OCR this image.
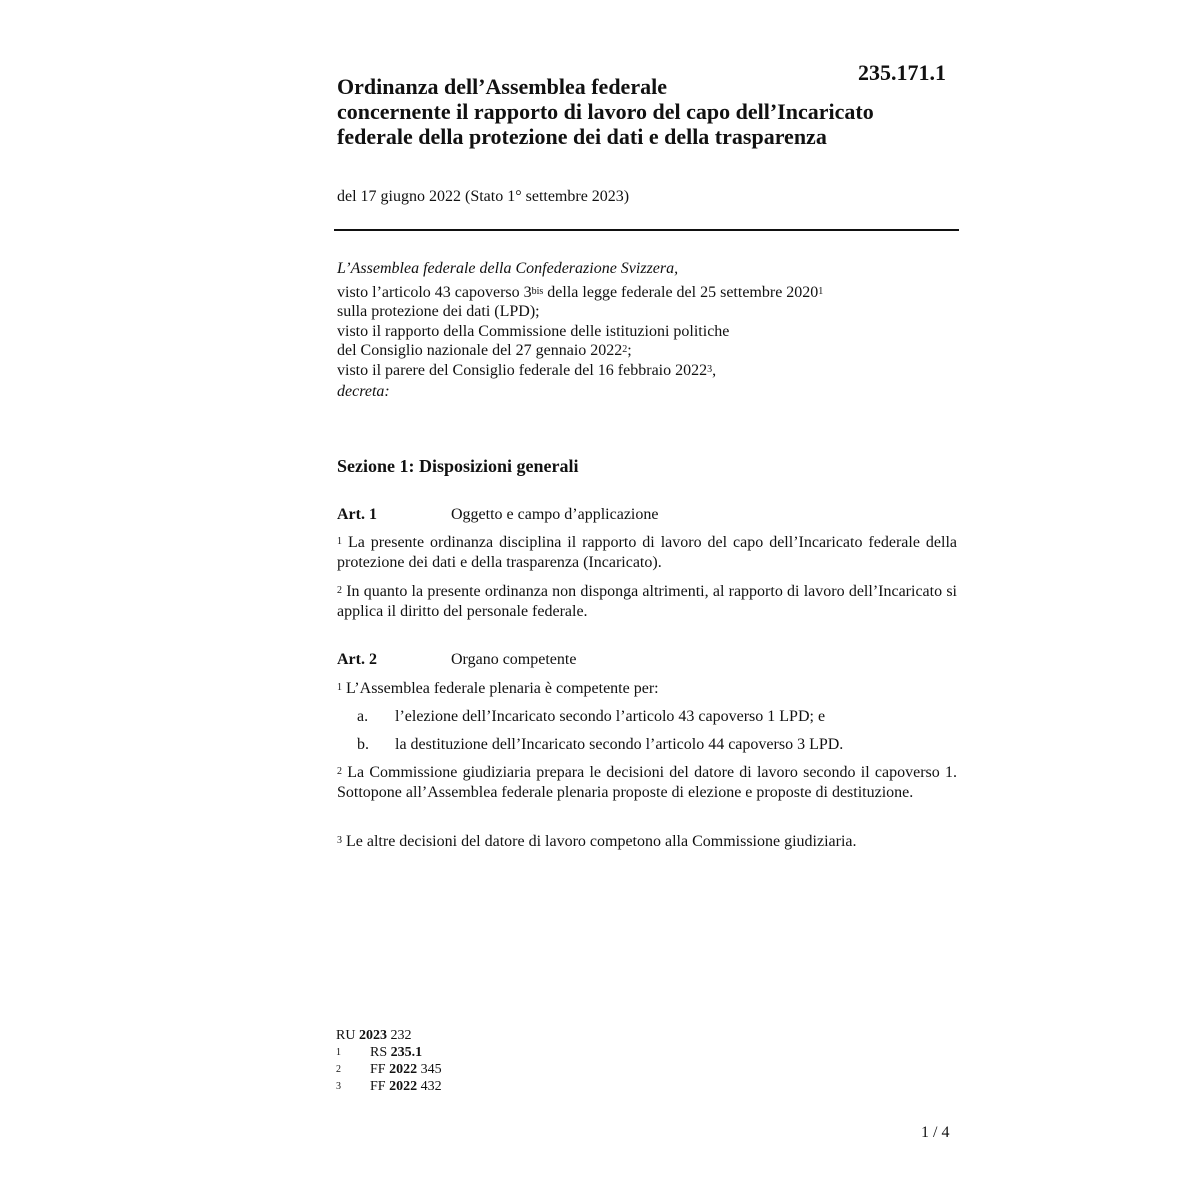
235.171.1
Ordinanza dell’Assemblea federale
concernente il rapporto di lavoro del capo dell’Incaricato
federale della protezione dei dati e della trasparenza
del 17 giugno 2022 (Stato 1° settembre 2023)
L’Assemblea federale della Confederazione Svizzera,
visto l’articolo 43 capoverso $3^{bis}$ della legge federale del 25 settembre 2020$^1$
sulla protezione dei dati (LPD);
visto il rapporto della Commissione delle istituzioni politiche
del Consiglio nazionale del 27 gennaio 2022$^2$;
visto il parere del Consiglio federale del 16 febbraio 2022$^3$,
decreta:
Sezione 1: Disposizioni generali
Art. 1	Oggetto e campo d’applicazione
$^1$ La presente ordinanza disciplina il rapporto di lavoro del capo dell’Incaricato federale della protezione dei dati e della trasparenza (Incaricato).
$^2$ In quanto la presente ordinanza non disponga altrimenti, al rapporto di lavoro dell’Incaricato si applica il diritto del personale federale.
Art. 2	Organo competente
$^1$ L’Assemblea federale plenaria è competente per:
a. l’elezione dell’Incaricato secondo l’articolo 43 capoverso 1 LPD; e
b. la destituzione dell’Incaricato secondo l’articolo 44 capoverso 3 LPD.
$^2$ La Commissione giudiziaria prepara le decisioni del datore di lavoro secondo il capoverso 1. Sottopone all’Assemblea federale plenaria proposte di elezione e proposte di destituzione.
$^3$ Le altre decisioni del datore di lavoro competono alla Commissione giudiziaria.
RU 2023 232
1 RS 235.1
2 FF 2022 345
3 FF 2022 432
1 / 4
